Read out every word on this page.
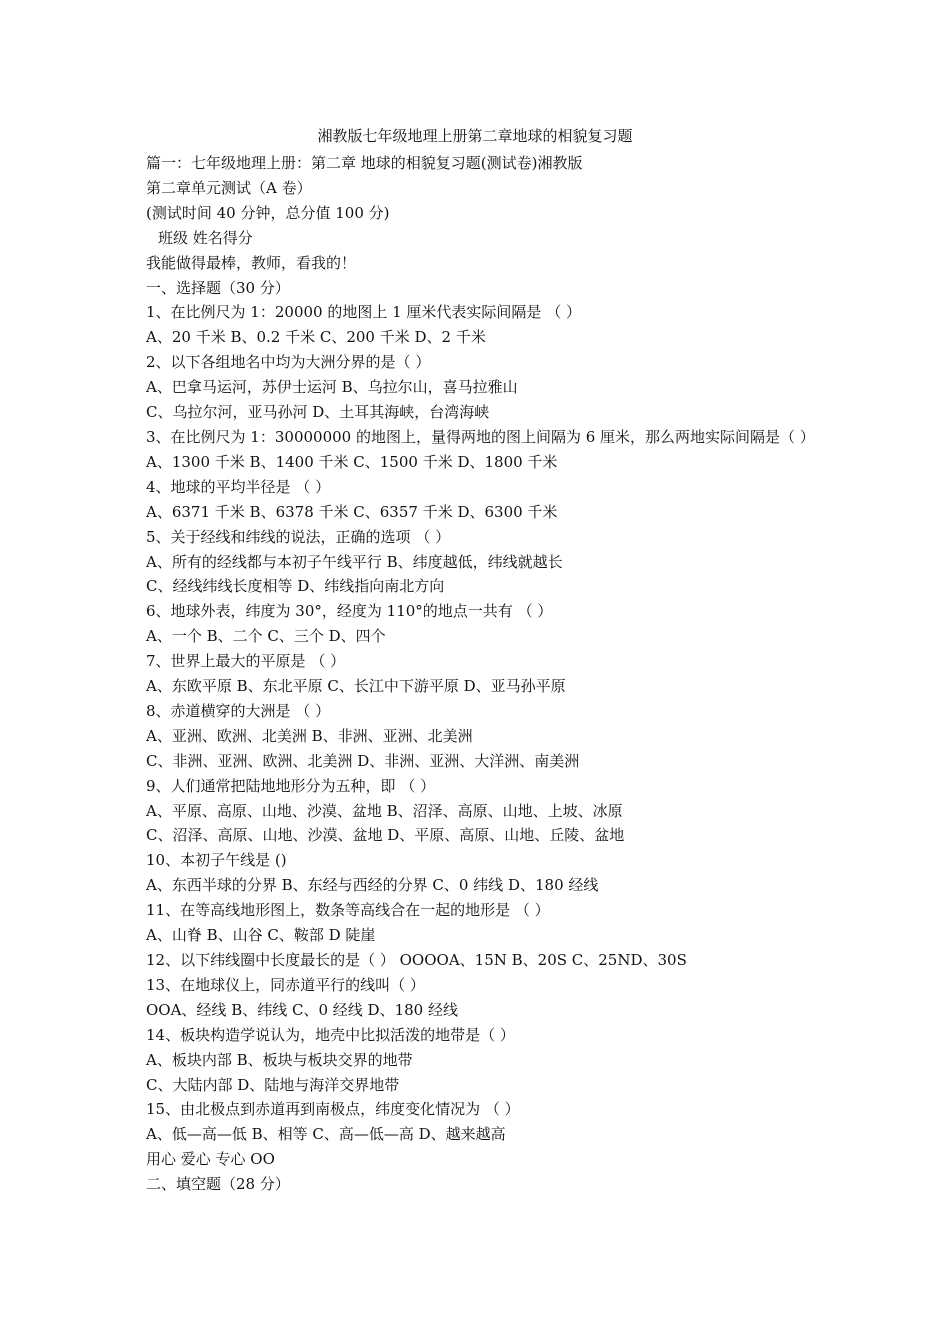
湘教版七年级地理上册第二章地球的相貌复习题
篇一：七年级地理上册：第二章 地球的相貌复习题(测试卷)湘教版
第二章单元测试（A 卷）
(测试时间 40 分钟，总分值 100 分)
班级 姓名得分
我能做得最棒，教师，看我的！
一、选择题（30 分）
1、在比例尺为 1：20000 的地图上 1 厘米代表实际间隔是 （ ）
A、20 千米 B、0.2 千米 C、200 千米 D、2 千米
2、以下各组地名中均为大洲分界的是（ ）
A、巴拿马运河，苏伊士运河 B、乌拉尔山，喜马拉雅山
C、乌拉尔河，亚马孙河 D、土耳其海峡，台湾海峡
3、在比例尺为 1：30000000 的地图上，量得两地的图上间隔为 6 厘米，那么两地实际间隔是（ ）
A、1300 千米 B、1400 千米 C、1500 千米 D、1800 千米
4、地球的平均半径是 （ ）
A、6371 千米 B、6378 千米 C、6357 千米 D、6300 千米
5、关于经线和纬线的说法，正确的选项 （ ）
A、所有的经线都与本初子午线平行 B、纬度越低，纬线就越长
C、经线纬线长度相等 D、纬线指向南北方向
6、地球外表，纬度为 30°，经度为 110°的地点一共有 （ ）
A、一个 B、二个 C、三个 D、四个
7、世界上最大的平原是 （ ）
A、东欧平原 B、东北平原 C、长江中下游平原 D、亚马孙平原
8、赤道横穿的大洲是 （ ）
A、亚洲、欧洲、北美洲 B、非洲、亚洲、北美洲
C、非洲、亚洲、欧洲、北美洲 D、非洲、亚洲、大洋洲、南美洲
9、人们通常把陆地地形分为五种，即 （ ）
A、平原、高原、山地、沙漠、盆地 B、沼泽、高原、山地、上坡、冰原
C、沼泽、高原、山地、沙漠、盆地 D、平原、高原、山地、丘陵、盆地
10、本初子午线是 ()
A、东西半球的分界 B、东经与西经的分界 C、0 纬线 D、180 经线
11、在等高线地形图上，数条等高线合在一起的地形是 （ ）
A、山脊 B、山谷 C、鞍部 D 陡崖
12、以下纬线圈中长度最长的是（ ） OOOOA、15N B、20S C、25ND、30S
13、在地球仪上，同赤道平行的线叫（ ）
OOA、经线 B、纬线 C、0 经线 D、180 经线
14、板块构造学说认为，地壳中比拟活泼的地带是（ ）
A、板块内部 B、板块与板块交界的地带
C、大陆内部 D、陆地与海洋交界地带
15、由北极点到赤道再到南极点，纬度变化情况为 （ ）
A、低—高—低 B、相等 C、高—低—高 D、越来越高
用心 爱心 专心 OO
二、填空题（28 分）
